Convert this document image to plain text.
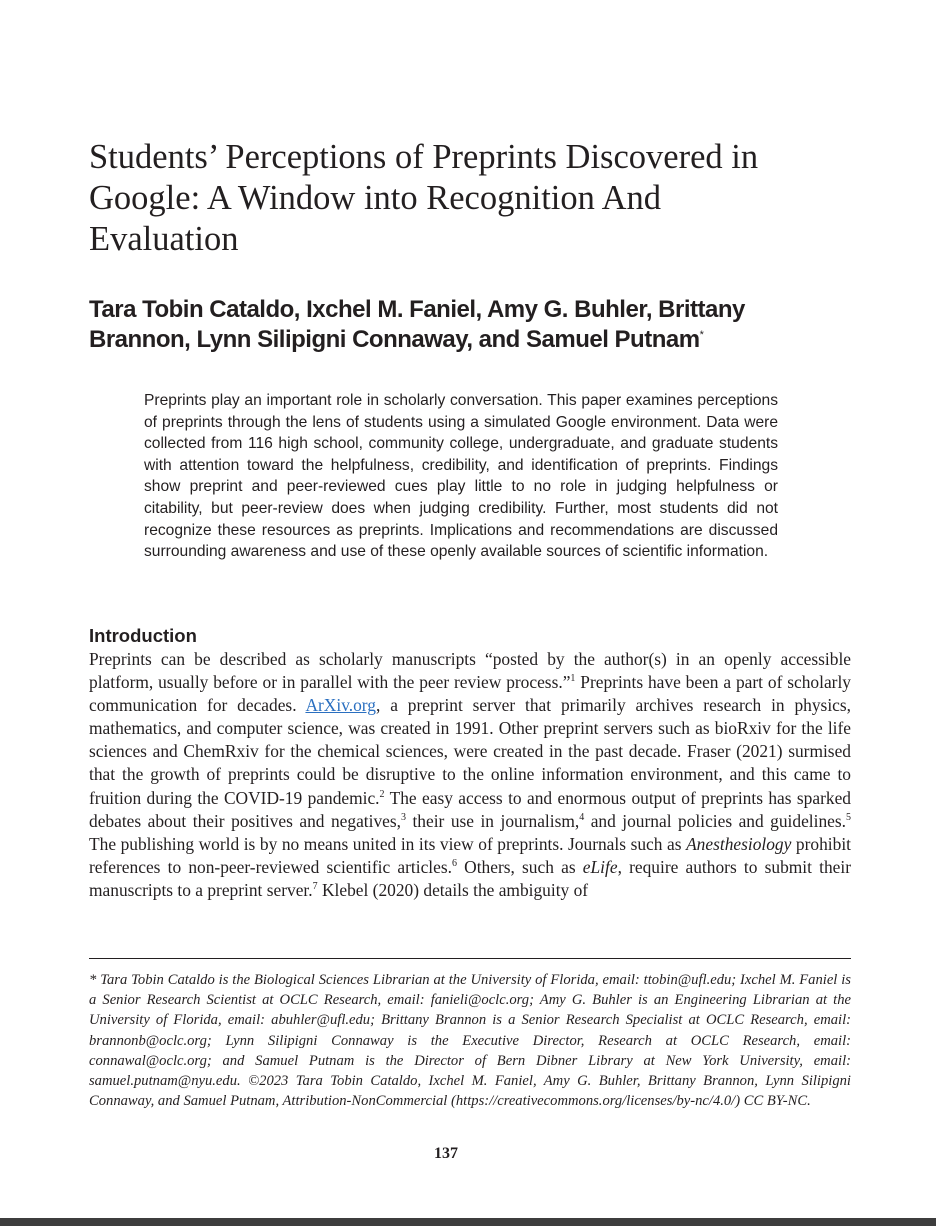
Students’ Perceptions of Preprints Discovered in Google: A Window into Recognition And Evaluation

Tara Tobin Cataldo, Ixchel M. Faniel, Amy G. Buhler, Brittany Brannon, Lynn Silipigni Connaway, and Samuel Putnam*

Preprints play an important role in scholarly conversation. This paper examines perceptions of preprints through the lens of students using a simulated Google environment. Data were collected from 116 high school, community college, undergraduate, and graduate students with attention toward the helpfulness, credibility, and identification of preprints. Findings show preprint and peer-reviewed cues play little to no role in judging helpfulness or citability, but peer-review does when judging credibility. Further, most students did not recognize these resources as preprints. Implications and recommendations are discussed surrounding awareness and use of these openly available sources of scientific information.

Introduction

Preprints can be described as scholarly manuscripts “posted by the author(s) in an openly accessible platform, usually before or in parallel with the peer review process.”$^1$ Preprints have been a part of scholarly communication for decades. ArXiv.org, a preprint server that primarily archives research in physics, mathematics, and computer science, was created in 1991. Other preprint servers such as bioRxiv for the life sciences and ChemRxiv for the chemical sciences, were created in the past decade. Fraser (2021) surmised that the growth of preprints could be disruptive to the online information environment, and this came to fruition during the COVID-19 pandemic.$^2$ The easy access to and enormous output of preprints has sparked debates about their positives and negatives,$^3$ their use in journalism,$^4$ and journal policies and guidelines.$^5$ The publishing world is by no means united in its view of preprints. Journals such as Anesthesiology prohibit references to non-peer-reviewed scientific articles.$^6$ Others, such as eLife, require authors to submit their manuscripts to a preprint server.$^7$ Klebel (2020) details the ambiguity of

* Tara Tobin Cataldo is the Biological Sciences Librarian at the University of Florida, email: ttobin@ufl.edu; Ixchel M. Faniel is a Senior Research Scientist at OCLC Research, email: fanieli@oclc.org; Amy G. Buhler is an Engineering Librarian at the University of Florida, email: abuhler@ufl.edu; Brittany Brannon is a Senior Research Specialist at OCLC Research, email: brannonb@oclc.org; Lynn Silipigni Connaway is the Executive Director, Research at OCLC Research, email: connawal@oclc.org; and Samuel Putnam is the Director of Bern Dibner Library at New York University, email: samuel.putnam@nyu.edu. ©2023 Tara Tobin Cataldo, Ixchel M. Faniel, Amy G. Buhler, Brittany Brannon, Lynn Silipigni Connaway, and Samuel Putnam, Attribution-NonCommercial (https://creativecommons.org/licenses/by-nc/4.0/) CC BY-NC.

137
